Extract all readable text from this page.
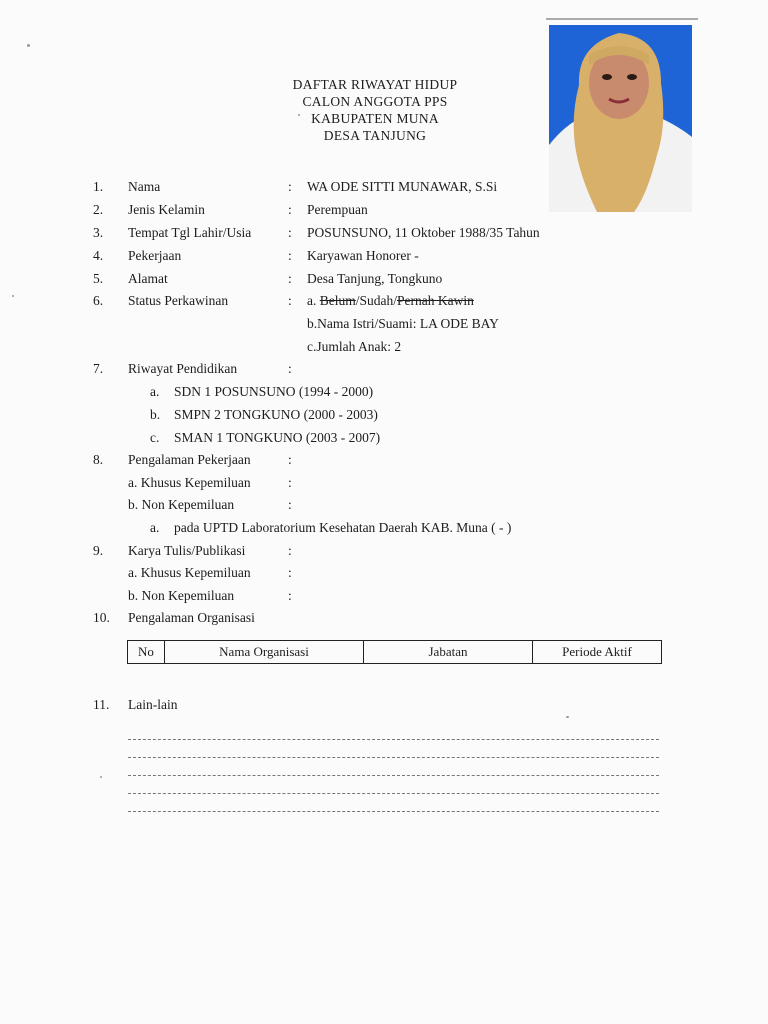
DAFTAR RIWAYAT HIDUP
CALON ANGGOTA PPS
KABUPATEN MUNA
DESA TANJUNG
1. Nama	: WA ODE SITTI MUNAWAR, S.Si
2. Jenis Kelamin	: Perempuan
3. Tempat Tgl Lahir/Usia	: POSUNSUNO, 11 Oktober 1988/35 Tahun
4. Pekerjaan	: Karyawan Honorer -
5. Alamat	: Desa Tanjung, Tongkuno
6. Status Perkawinan	: a. Belum/Sudah/Pernah Kawin
b.Nama Istri/Suami: LA ODE BAY
c.Jumlah Anak: 2
7. Riwayat Pendidikan	:
a. SDN 1 POSUNSUNO (1994 - 2000)
b. SMPN 2 TONGKUNO (2000 - 2003)
c. SMAN 1 TONGKUNO (2003 - 2007)
8. Pengalaman Pekerjaan	:
a. Khusus Kepemiluan	:
b. Non Kepemiluan	:
a. pada UPTD Laboratorium Kesehatan Daerah KAB. Muna ( - )
9. Karya Tulis/Publikasi	:
a. Khusus Kepemiluan	:
b. Non Kepemiluan	:
10. Pengalaman Organisasi
No	Nama Organisasi	Jabatan	Periode Aktif
11. Lain-lain
